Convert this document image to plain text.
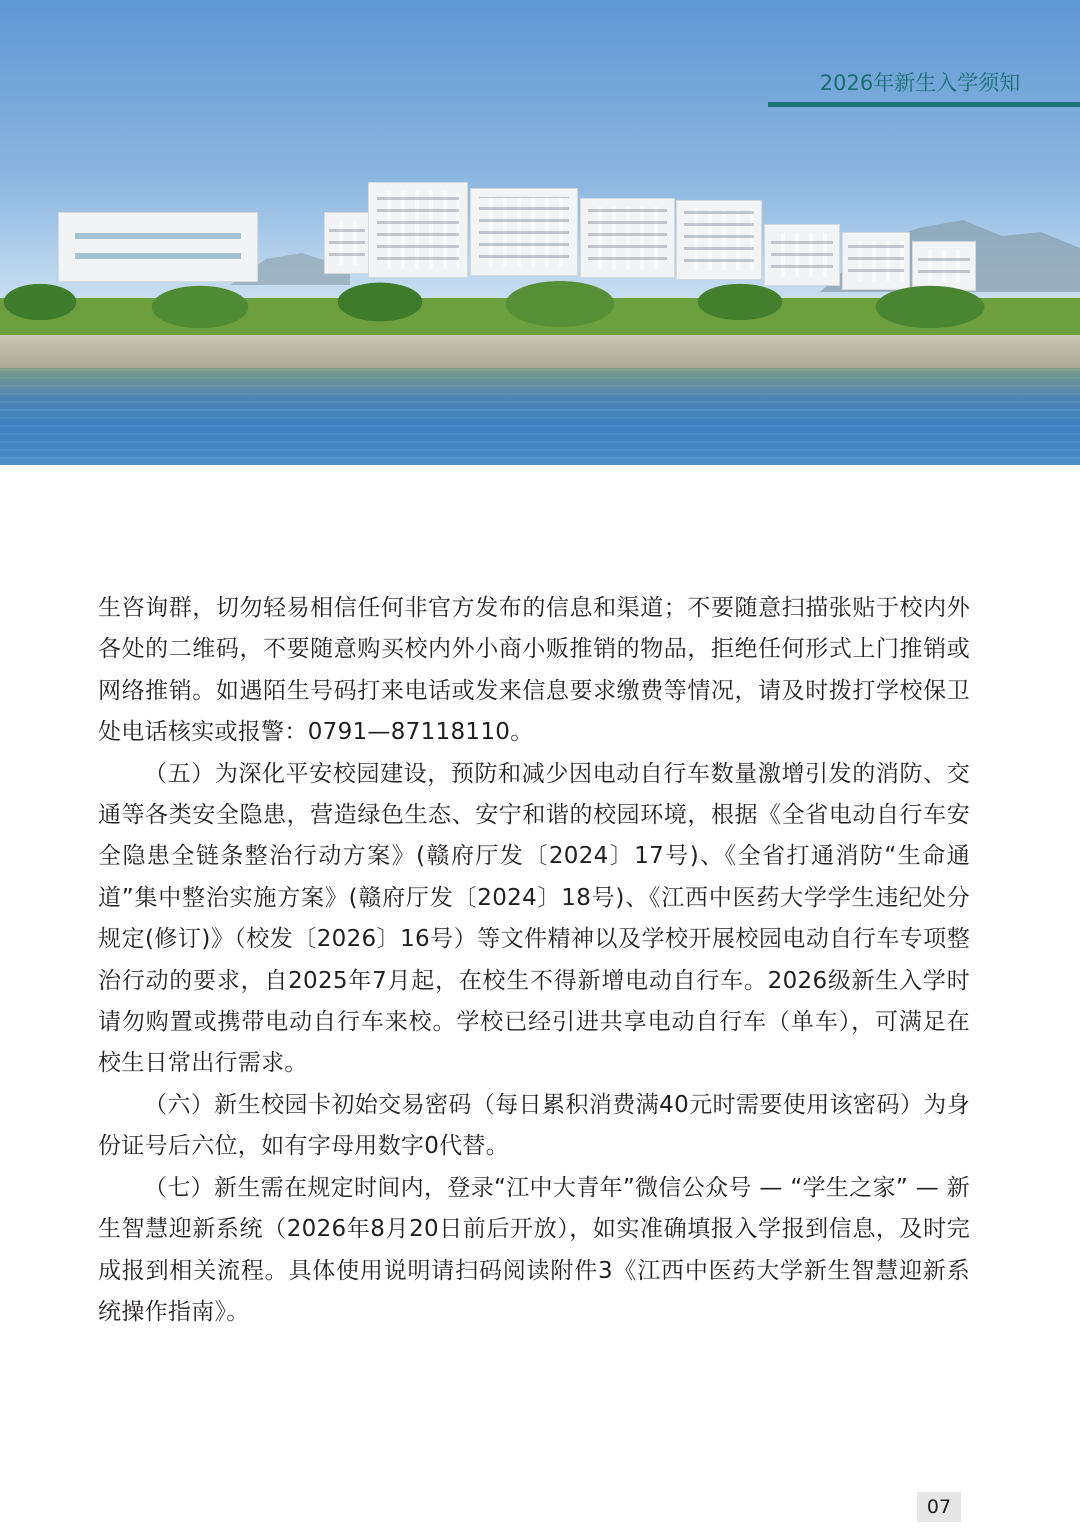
2026年新生入学须知

生咨询群，切勿轻易相信任何非官方发布的信息和渠道；不要随意扫描张贴于校内外各处的二维码，不要随意购买校内外小商小贩推销的物品，拒绝任何形式上门推销或网络推销。如遇陌生号码打来电话或发来信息要求缴费等情况，请及时拨打学校保卫处电话核实或报警：0791—87118110。

（五）为深化平安校园建设，预防和减少因电动自行车数量激增引发的消防、交通等各类安全隐患，营造绿色生态、安宁和谐的校园环境，根据《全省电动自行车安全隐患全链条整治行动方案》(赣府厅发〔2024〕17号)、《全省打通消防“生命通道”集中整治实施方案》(赣府厅发〔2024〕18号)、《江西中医药大学学生违纪处分规定(修订)》（校发〔2026〕16号）等文件精神以及学校开展校园电动自行车专项整治行动的要求，自2025年7月起，在校生不得新增电动自行车。2026级新生入学时请勿购置或携带电动自行车来校。学校已经引进共享电动自行车（单车），可满足在校生日常出行需求。

（六）新生校园卡初始交易密码（每日累积消费满40元时需要使用该密码）为身份证号后六位，如有字母用数字0代替。

（七）新生需在规定时间内，登录“江中大青年”微信公众号 — “学生之家” — 新生智慧迎新系统（2026年8月20日前后开放），如实准确填报入学报到信息，及时完成报到相关流程。具体使用说明请扫码阅读附件3《江西中医药大学新生智慧迎新系统操作指南》。

07
